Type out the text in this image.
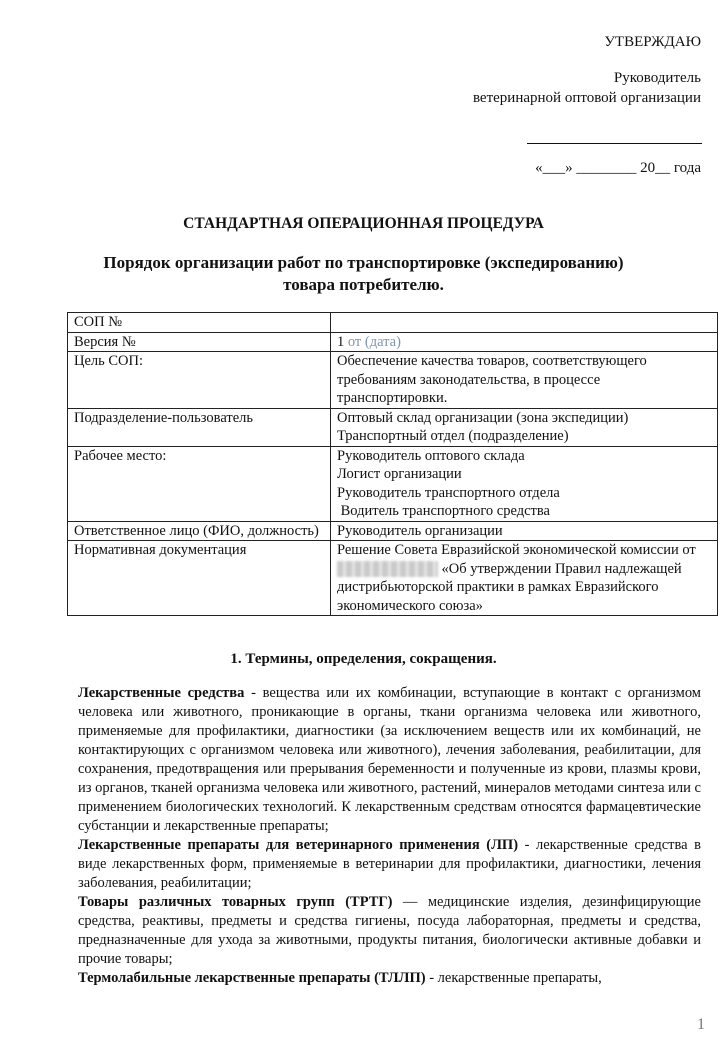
УТВЕРЖДАЮ
Руководитель
ветеринарной оптовой организации
«___» ________ 20__ года
СТАНДАРТНАЯ ОПЕРАЦИОННАЯ ПРОЦЕДУРА
Порядок организации работ по транспортировке (экспедированию)
товара потребителю.
СОП №	
Версия №	1 от (дата)
Цель СОП:	Обеспечение качества товаров, соответствующего требованиям законодательства, в процессе транспортировки.
Подразделение-пользователь	Оптовый склад организации (зона экспедиции)
Транспортный отдел (подразделение)

Рабочее место:	Руководитель оптового склада
Логист организации
Руководитель транспортного отдела
Водитель транспортного средства

Ответственное лицо (ФИО, должность)	Руководитель организации
Нормативная документация	Решение Совета Евразийской экономической комиссии от «Об утверждении Правил надлежащей дистрибьюторской практики в рамках Евразийского экономического союза»
1. Термины, определения, сокращения.

Лекарственные средства - вещества или их комбинации, вступающие в контакт с организмом человека или животного, проникающие в органы, ткани организма человека или животного, применяемые для профилактики, диагностики (за исключением веществ или их комбинаций, не контактирующих с организмом человека или животного), лечения заболевания, реабилитации, для сохранения, предотвращения или прерывания беременности и полученные из крови, плазмы крови, из органов, тканей организма человека или животного, растений, минералов методами синтеза или с применением биологических технологий. К лекарственным средствам относятся фармацевтические субстанции и лекарственные препараты;

Лекарственные препараты для ветеринарного применения (ЛП) - лекарственные средства в виде лекарственных форм, применяемые в ветеринарии для профилактики, диагностики, лечения заболевания, реабилитации;

Товары различных товарных групп (ТРТГ) — медицинские изделия, дезинфицирующие средства, реактивы, предметы и средства гигиены, посуда лабораторная, предметы и средства, предназначенные для ухода за животными, продукты питания, биологически активные добавки и прочие товары;

Термолабильные лекарственные препараты (ТЛЛП) - лекарственные препараты,

1
